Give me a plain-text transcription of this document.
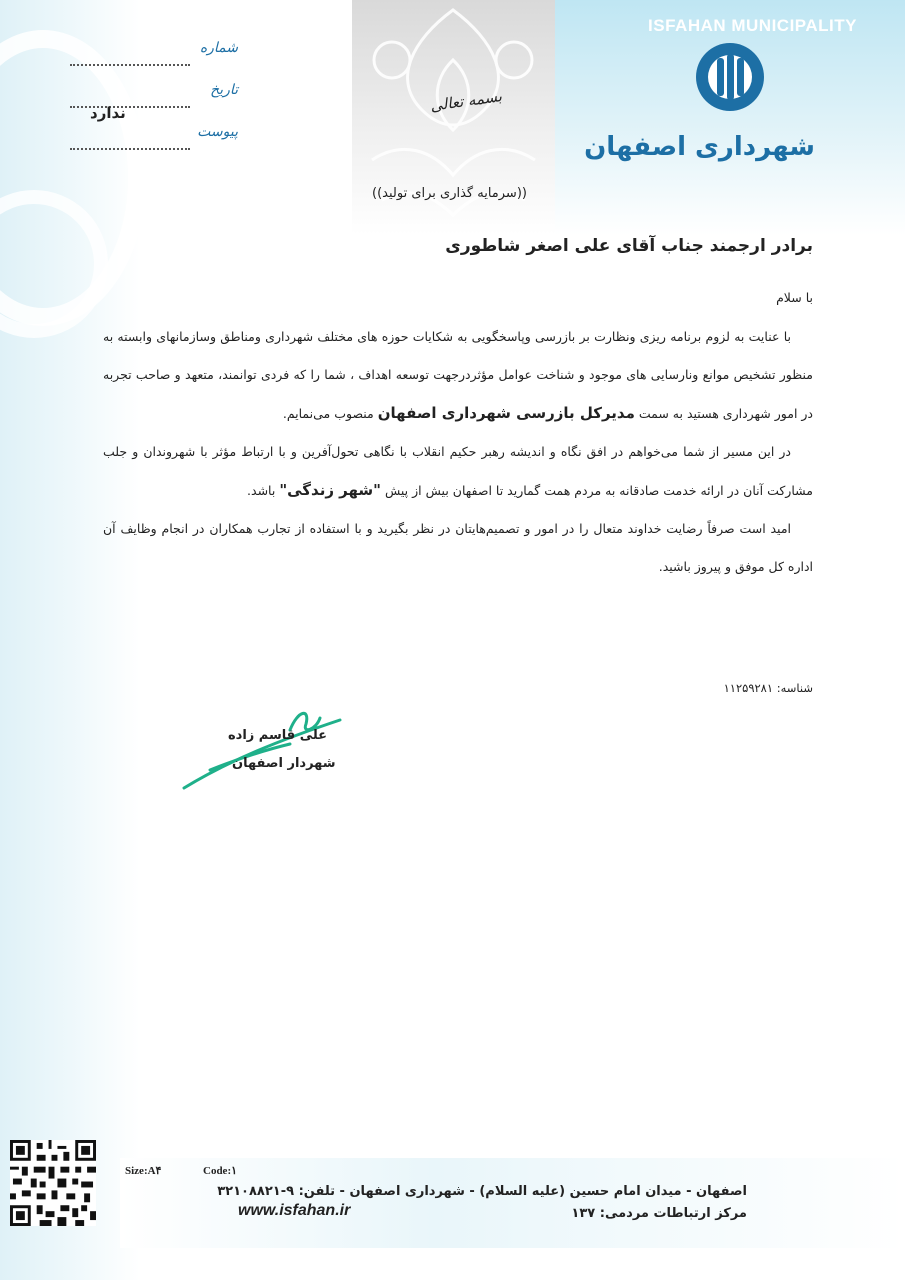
ISFAHAN MUNICIPALITY
شهرداری اصفهان
بسمه تعالی
((سرمایه گذاری برای تولید))
شماره
تاریخ
پیوست
ندارد
برادر ارجمند جناب آقای علی اصغر شاطوری
با سلام

با عنایت به لزوم برنامه ریزی ونظارت بر بازرسی وپاسخگویی به شکایات حوزه های مختلف شهرداری ومناطق وسازمانهای وابسته به منظور تشخیص موانع ونارسایی های موجود و شناخت عوامل مؤثردرجهت توسعه اهداف ، شما را که فردی توانمند، متعهد و صاحب تجربه در امور شهرداری هستید به سمت مدیرکل بازرسی شهرداری اصفهان منصوب می‌نمایم.

در این مسیر از شما می‌خواهم در افق نگاه و اندیشه رهبر حکیم انقلاب با نگاهی تحول‌آفرین و با ارتباط مؤثر با شهروندان و جلب مشارکت آنان در ارائه خدمت صادقانه به مردم همت گمارید تا اصفهان بیش از پیش "شهر زندگی" باشد.

امید است صرفاً رضایت خداوند متعال را در امور و تصمیم‌هایتان در نظر بگیرید و با استفاده از تجارب همکاران در انجام وظایف آن اداره کل موفق و پیروز باشید.

شناسه: ۱۱۲۵۹۲۸۱
علی قاسم زاده
شهردار اصفهان
Size:A۴	Code:۱
اصفهان - میدان امام حسین (علیه السلام) - شهرداری اصفهان - تلفن: ۹-۳۲۱۰۸۸۲۱
www.isfahan.ir	مرکز ارتباطات مردمی: ۱۳۷
